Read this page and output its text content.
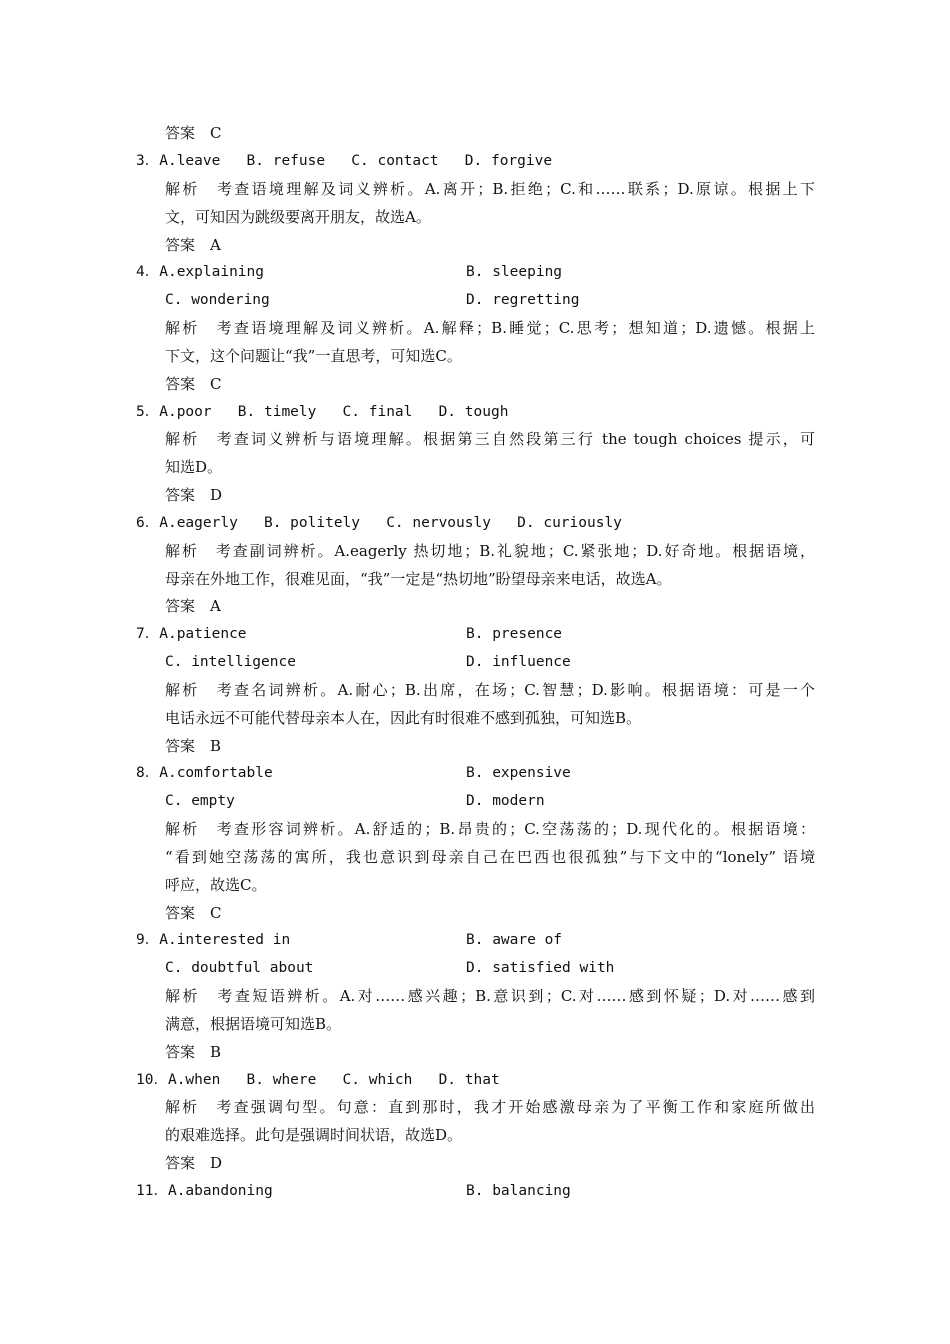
答案　C
3．A.leave   B. refuse   C. contact   D. forgive
解析　考查语境理解及词义辨析。A.离开；B.拒绝；C.和……联系；D.原谅。根据上下
文，可知因为跳级要离开朋友，故选A。
答案　A
4．A.explaining	B. sleeping
C. wondering	D. regretting
解析　考查语境理解及词义辨析。A.解释；B.睡觉；C.思考；想知道；D.遗憾。根据上
下文，这个问题让“我”一直思考，可知选C。
答案　C
5．A.poor   B. timely   C. final   D. tough
解析　考查词义辨析与语境理解。根据第三自然段第三行 the tough choices 提示，可
知选D。
答案　D
6．A.eagerly   B. politely   C. nervously   D. curiously
解析　考查副词辨析。A.eagerly 热切地；B.礼貌地；C.紧张地；D.好奇地。根据语境，
母亲在外地工作，很难见面，“我”一定是“热切地”盼望母亲来电话，故选A。
答案　A
7．A.patience	B. presence
C. intelligence	D. influence
解析　考查名词辨析。A.耐心；B.出席，在场；C.智慧；D.影响。根据语境：可是一个
电话永远不可能代替母亲本人在，因此有时很难不感到孤独，可知选B。
答案　B
8．A.comfortable	B. expensive
C. empty	D. modern
解析　考查形容词辨析。A.舒适的；B.昂贵的；C.空荡荡的；D.现代化的。根据语境：
“看到她空荡荡的寓所，我也意识到母亲自己在巴西也很孤独”与下文中的“lonely” 语境
呼应，故选C。
答案　C
9．A.interested in	B. aware of
C. doubtful about	D. satisfied with
解析　考查短语辨析。A.对……感兴趣；B.意识到；C.对……感到怀疑；D.对……感到
满意，根据语境可知选B。
答案　B
10．A.when   B. where   C. which   D. that
解析　考查强调句型。句意：直到那时，我才开始感激母亲为了平衡工作和家庭所做出
的艰难选择。此句是强调时间状语，故选D。
答案　D
11．A.abandoning	B. balancing
